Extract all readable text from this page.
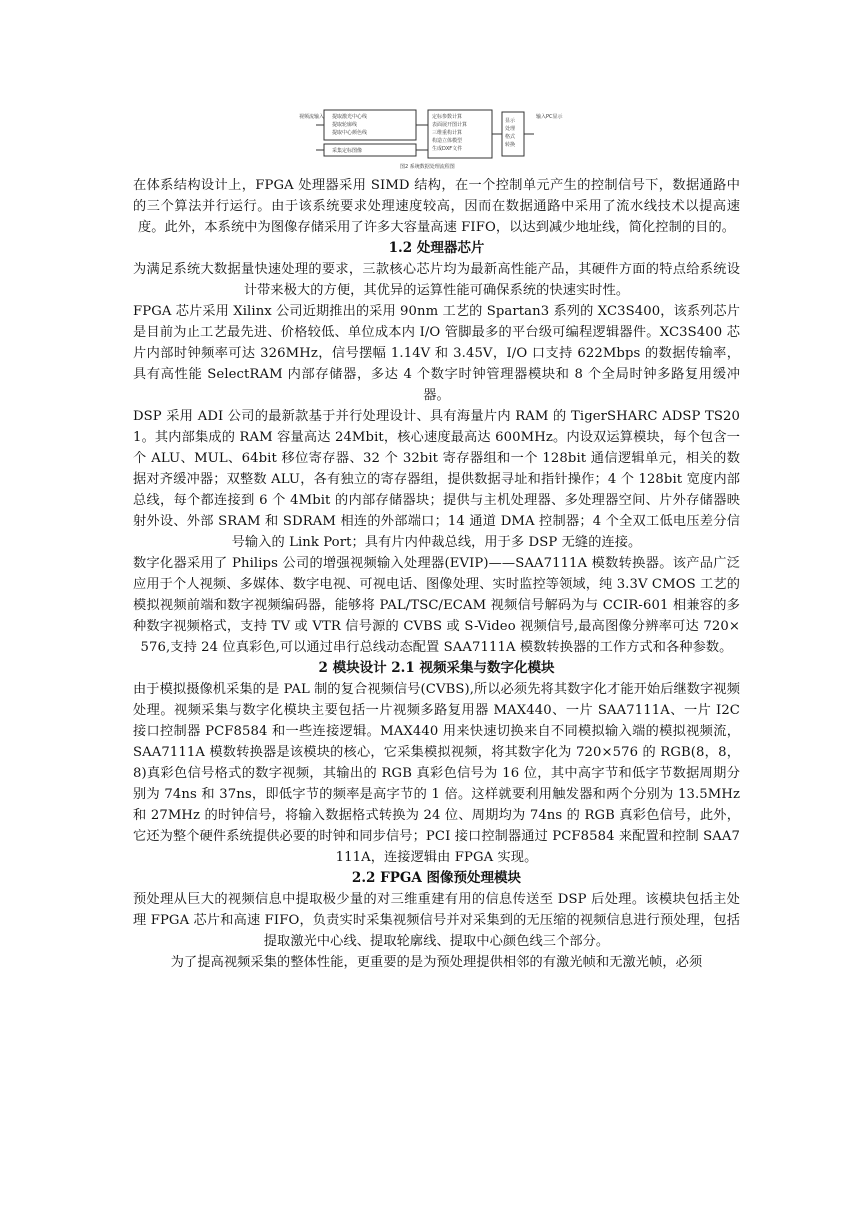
视频流输入 提取激光中心线
提取轮廓线
提取中心颜色线
采集定标图像
定标参数计算
表面展开图计算
三维重构计算
构造立体模型
生成DXF文件
显示
处理
格式
转换
输入PC显示
图2 系统数据处理流程图

在体系结构设计上，FPGA 处理器采用 SIMD 结构，在一个控制单元产生的控制信号下，数据通路中的三个算法并行运行。由于该系统要求处理速度较高，因而在数据通路中采用了流水线技术以提高速度。此外，本系统中为图像存储采用了许多大容量高速 FIFO，以达到减少地址线，简化控制的目的。

1.2 处理器芯片

为满足系统大数据量快速处理的要求，三款核心芯片均为最新高性能产品，其硬件方面的特点给系统设计带来极大的方便，其优异的运算性能可确保系统的快速实时性。

FPGA 芯片采用 Xilinx 公司近期推出的采用 90nm 工艺的 Spartan3 系列的 XC3S400，该系列芯片是目前为止工艺最先进、价格较低、单位成本内 I/O 管脚最多的平台级可编程逻辑器件。XC3S400 芯片内部时钟频率可达 326MHz，信号摆幅 1.14V 和 3.45V，I/O 口支持 622Mbps 的数据传输率，具有高性能 SelectRAM 内部存储器，多达 4 个数字时钟管理器模块和 8 个全局时钟多路复用缓冲器。

DSP 采用 ADI 公司的最新款基于并行处理设计、具有海量片内 RAM 的 TigerSHARC ADSP TS201。其内部集成的 RAM 容量高达 24Mbit，核心速度最高达 600MHz。内设双运算模块，每个包含一个 ALU、MUL、64bit 移位寄存器、32 个 32bit 寄存器组和一个 128bit 通信逻辑单元，相关的数据对齐缓冲器；双整数 ALU，各有独立的寄存器组，提供数据寻址和指针操作；4 个 128bit 宽度内部总线，每个都连接到 6 个 4Mbit 的内部存储器块；提供与主机处理器、多处理器空间、片外存储器映射外设、外部 SRAM 和 SDRAM 相连的外部端口；14 通道 DMA 控制器；4 个全双工低电压差分信号输入的 Link Port；具有片内仲裁总线，用于多 DSP 无缝的连接。

数字化器采用了 Philips 公司的增强视频输入处理器(EVIP)——SAA7111A 模数转换器。该产品广泛应用于个人视频、多媒体、数字电视、可视电话、图像处理、实时监控等领域，纯 3.3V CMOS 工艺的模拟视频前端和数字视频编码器，能够将 PAL/TSC/ECAM 视频信号解码为与 CCIR-601 相兼容的多种数字视频格式，支持 TV 或 VTR 信号源的 CVBS 或 S-Video 视频信号,最高图像分辨率可达 720×576,支持 24 位真彩色,可以通过串行总线动态配置 SAA7111A 模数转换器的工作方式和各种参数。

2 模块设计 2.1 视频采集与数字化模块

由于模拟摄像机采集的是 PAL 制的复合视频信号(CVBS),所以必须先将其数字化才能开始后继数字视频处理。视频采集与数字化模块主要包括一片视频多路复用器 MAX440、一片 SAA7111A、一片 I2C 接口控制器 PCF8584 和一些连接逻辑。MAX440 用来快速切换来自不同模拟输入端的模拟视频流，SAA7111A 模数转换器是该模块的核心，它采集模拟视频，将其数字化为 720×576 的 RGB(8，8，8)真彩色信号格式的数字视频，其输出的 RGB 真彩色信号为 16 位，其中高字节和低字节数据周期分别为 74ns 和 37ns，即低字节的频率是高字节的 1 倍。这样就要利用触发器和两个分别为 13.5MHz 和 27MHz 的时钟信号，将输入数据格式转换为 24 位、周期均为 74ns 的 RGB 真彩色信号，此外，它还为整个硬件系统提供必要的时钟和同步信号；PCI 接口控制器通过 PCF8584 来配置和控制 SAA7111A，连接逻辑由 FPGA 实现。

2.2 FPGA 图像预处理模块

预处理从巨大的视频信息中提取极少量的对三维重建有用的信息传送至 DSP 后处理。该模块包括主处理 FPGA 芯片和高速 FIFO，负责实时采集视频信号并对采集到的无压缩的视频信息进行预处理，包括提取激光中心线、提取轮廓线、提取中心颜色线三个部分。

为了提高视频采集的整体性能，更重要的是为预处理提供相邻的有激光帧和无激光帧，必须
